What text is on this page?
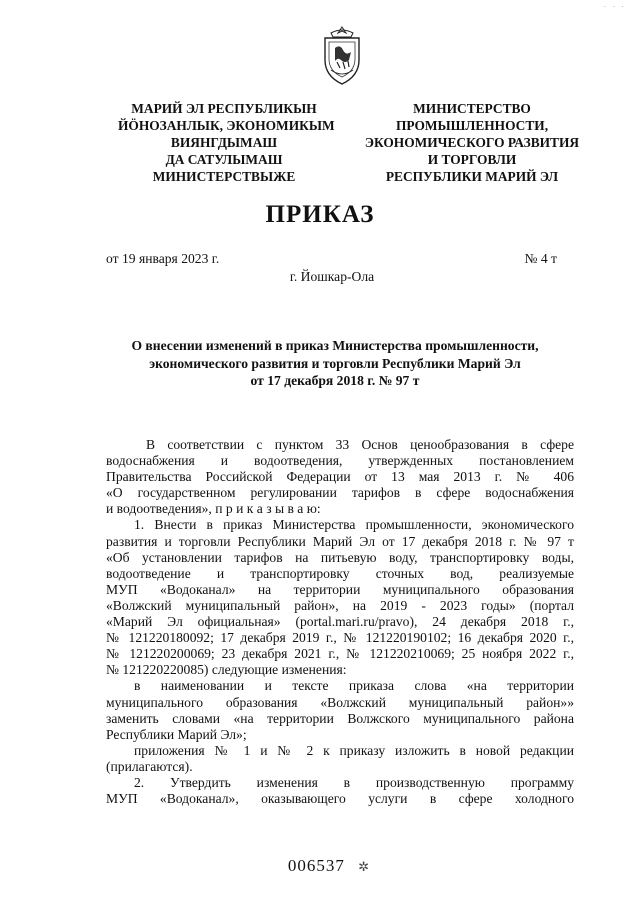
· · ·
МАРИЙ ЭЛ РЕСПУБЛИКЫН
ЙÖНОЗАНЛЫК, ЭКОНОМИКЫМ
ВИЯНГДЫМАШ
ДА САТУЛЫМАШ
МИНИСТЕРСТВЫЖЕ
МИНИСТЕРСТВО
ПРОМЫШЛЕННОСТИ,
ЭКОНОМИЧЕСКОГО РАЗВИТИЯ
И ТОРГОВЛИ
РЕСПУБЛИКИ МАРИЙ ЭЛ
ПРИКАЗ
от 19 января 2023 г.	№ 4 т
г. Йошкар-Ола
О внесении изменений в приказ Министерства промышленности,
экономического развития и торговли Республики Марий Эл
от 17 декабря 2018 г. № 97 т
В соответствии с пунктом 33 Основ ценообразования в сфере
водоснабжения и водоотведения, утвержденных постановлением
Правительства Российской Федерации от 13 мая 2013 г. № 406
«О государственном регулировании тарифов в сфере водоснабжения
и водоотведения», п р и к а з ы в а ю:
1. Внести в приказ Министерства промышленности, экономического
развития и торговли Республики Марий Эл от 17 декабря 2018 г. № 97 т
«Об установлении тарифов на питьевую воду, транспортировку воды,
водоотведение и транспортировку сточных вод, реализуемые
МУП «Водоканал» на территории муниципального образования
«Волжский муниципальный район», на 2019 - 2023 годы» (портал
«Марий Эл официальная» (portal.mari.ru/pravo), 24 декабря 2018 г.,
№ 121220180092; 17 декабря 2019 г., № 121220190102; 16 декабря 2020 г.,
№ 121220200069; 23 декабря 2021 г., № 121220210069; 25 ноября 2022 г.,
№ 121220220085) следующие изменения:
в наименовании и тексте приказа слова «на территории
муниципального образования «Волжский муниципальный район»»
заменить словами «на территории Волжского муниципального района
Республики Марий Эл»;
приложения № 1 и № 2 к приказу изложить в новой редакции
(прилагаются).
2. Утвердить изменения в производственную программу
МУП «Водоканал», оказывающего услуги в сфере холодного
006537 ✲
